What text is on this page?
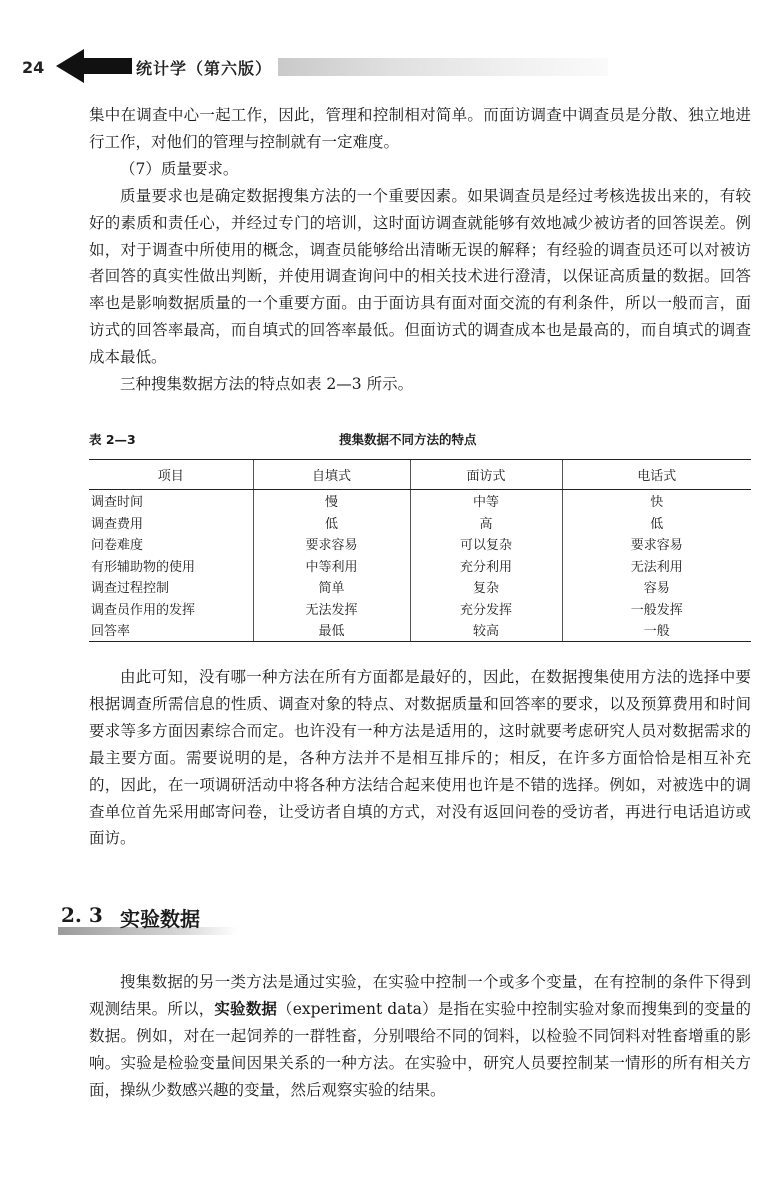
24	统计学（第六版）

集中在调查中心一起工作，因此，管理和控制相对简单。而面访调查中调查员是分散、独立地进行工作，对他们的管理与控制就有一定难度。

（7）质量要求。

质量要求也是确定数据搜集方法的一个重要因素。如果调查员是经过考核选拔出来的，有较好的素质和责任心，并经过专门的培训，这时面访调查就能够有效地减少被访者的回答误差。例如，对于调查中所使用的概念，调查员能够给出清晰无误的解释；有经验的调查员还可以对被访者回答的真实性做出判断，并使用调查询问中的相关技术进行澄清，以保证高质量的数据。回答率也是影响数据质量的一个重要方面。由于面访具有面对面交流的有利条件，所以一般而言，面访式的回答率最高，而自填式的回答率最低。但面访式的调查成本也是最高的，而自填式的调查成本最低。

三种搜集数据方法的特点如表 2—3 所示。

表 2—3	搜集数据不同方法的特点
项目	自填式	面访式	电话式
调查时间	慢	中等	快
调查费用	低	高	低
问卷难度	要求容易	可以复杂	要求容易
有形辅助物的使用	中等利用	充分利用	无法利用
调查过程控制	简单	复杂	容易
调查员作用的发挥	无法发挥	充分发挥	一般发挥
回答率	最低	较高	一般

由此可知，没有哪一种方法在所有方面都是最好的，因此，在数据搜集使用方法的选择中要根据调查所需信息的性质、调查对象的特点、对数据质量和回答率的要求，以及预算费用和时间要求等多方面因素综合而定。也许没有一种方法是适用的，这时就要考虑研究人员对数据需求的最主要方面。需要说明的是，各种方法并不是相互排斥的；相反，在许多方面恰恰是相互补充的，因此，在一项调研活动中将各种方法结合起来使用也许是不错的选择。例如，对被选中的调查单位首先采用邮寄问卷，让受访者自填的方式，对没有返回问卷的受访者，再进行电话追访或面访。

2. 3 实验数据

搜集数据的另一类方法是通过实验，在实验中控制一个或多个变量，在有控制的条件下得到观测结果。所以，实验数据（experiment data）是指在实验中控制实验对象而搜集到的变量的数据。例如，对在一起饲养的一群牲畜，分别喂给不同的饲料，以检验不同饲料对牲畜增重的影响。实验是检验变量间因果关系的一种方法。在实验中，研究人员要控制某一情形的所有相关方面，操纵少数感兴趣的变量，然后观察实验的结果。
